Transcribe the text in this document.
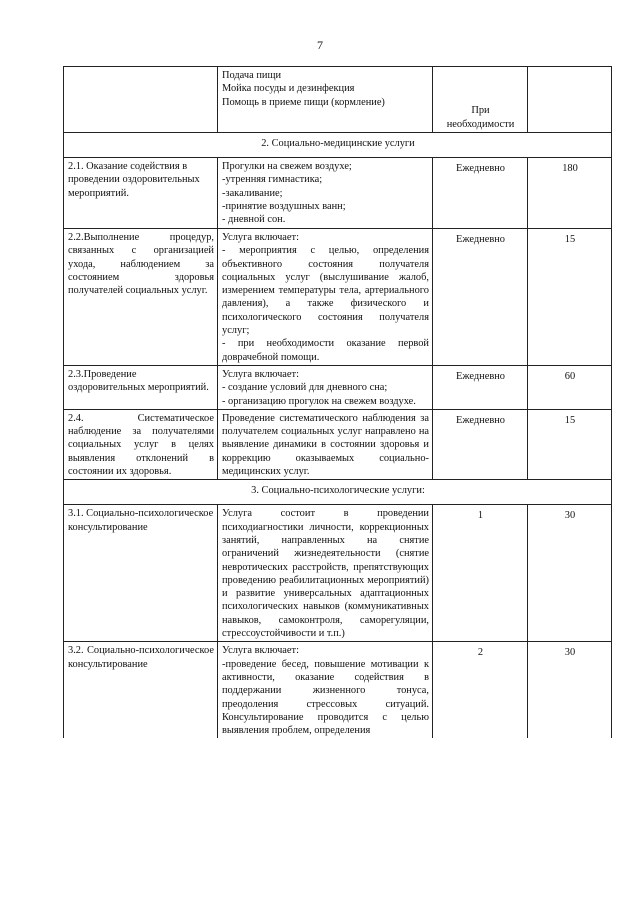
7

	Подача пищи
Мойка посуды и дезинфекция
Помощь в приеме пищи (кормление)	При необходимости	
2. Социально-медицинские услуги			
2.1. Оказание содействия в проведении оздоровительных мероприятий.	Прогулки на свежем воздухе;
-утренняя гимнастика;
-закаливание;
-принятие воздушных ванн;
- дневной сон.	Ежедневно	180
2.2.Выполнение процедур, связанных с организацией ухода, наблюдением за состоянием здоровья получателей социальных услуг.	Услуга включает:
- мероприятия с целью, определения объективного состояния получателя социальных услуг (выслушивание жалоб, измерением температуры тела, артериального давления), а также физического и психологического состояния получателя услуг;
- при необходимости оказание первой доврачебной помощи.	Ежедневно	15
2.3.Проведение оздоровительных мероприятий.	Услуга включает:
- создание условий для дневного сна;
- организацию прогулок на свежем воздухе.	Ежедневно	60
2.4. Систематическое наблюдение за получателями социальных услуг в целях выявления отклонений в состоянии их здоровья.	Проведение систематического наблюдения за получателем социальных услуг направлено на выявление динамики в состоянии здоровья и коррекцию оказываемых социально-медицинских услуг.	Ежедневно	15
3. Социально-психологические услуги:			
3.1. Социально-психологическое консультирование	Услуга состоит в проведении психодиагностики личности, коррекционных занятий, направленных на снятие ограничений жизнедеятельности (снятие невротических расстройств, препятствующих проведению реабилитационных мероприятий) и развитие универсальных адаптационных психологических навыков (коммуникативных навыков, самоконтроля, саморегуляции, стрессоустойчивости и т.п.)	1	30
3.2. Социально-психологическое консультирование	Услуга включает:
-проведение бесед, повышение мотивации к активности, оказание содействия в поддержании жизненного тонуса, преодоления стрессовых ситуаций. Консультирование проводится с целью выявления проблем, определения	2	30
